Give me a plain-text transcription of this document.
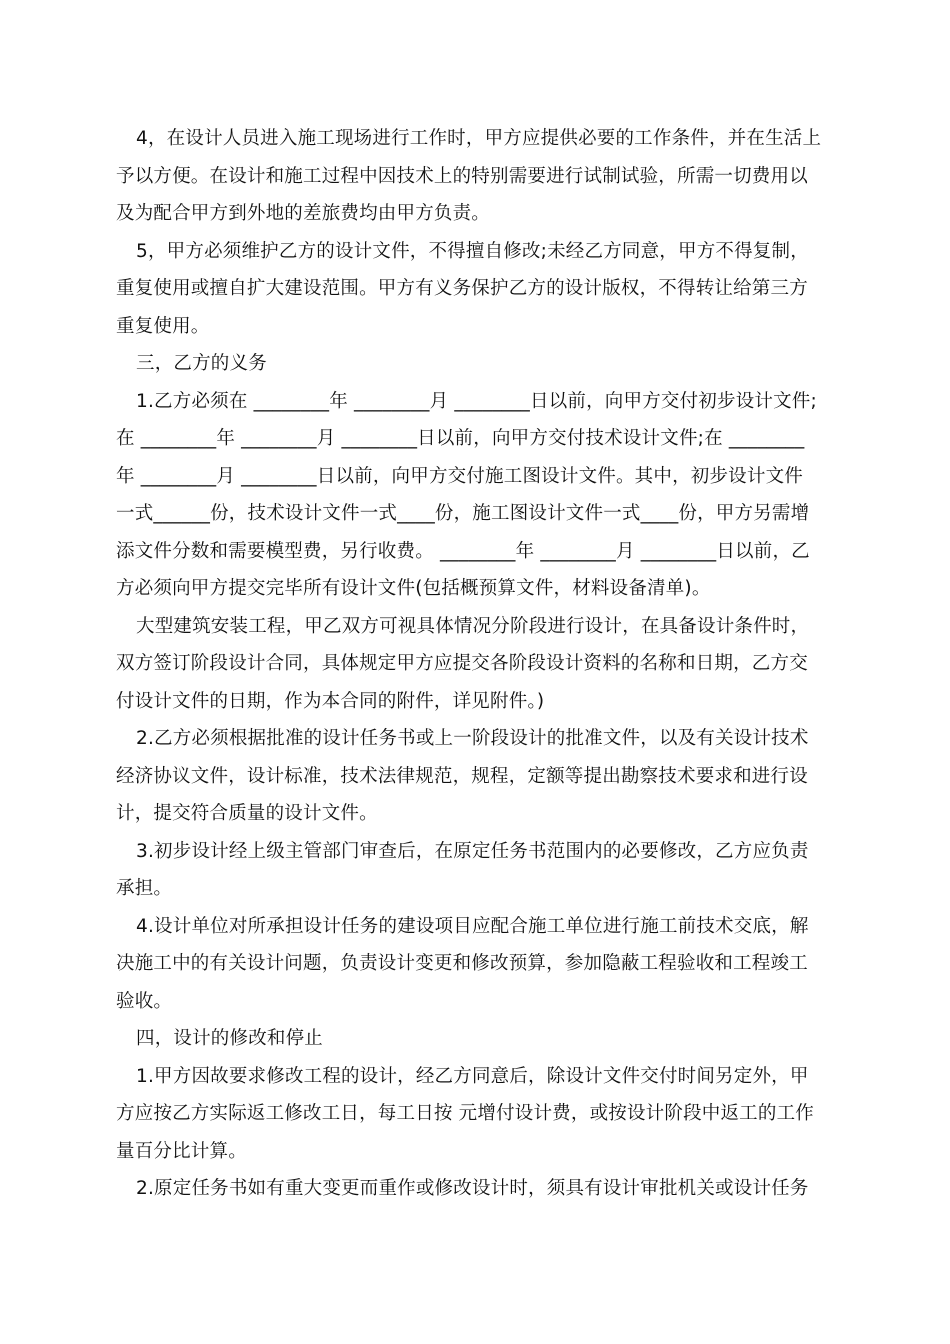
4，在设计人员进入施工现场进行工作时，甲方应提供必要的工作条件，并在生活上
予以方便。在设计和施工过程中因技术上的特别需要进行试制试验，所需一切费用以
及为配合甲方到外地的差旅费均由甲方负责。
5，甲方必须维护乙方的设计文件，不得擅自修改;未经乙方同意，甲方不得复制，
重复使用或擅自扩大建设范围。甲方有义务保护乙方的设计版权，不得转让给第三方
重复使用。
三，乙方的义务
1.乙方必须在 ________年 ________月 ________日以前，向甲方交付初步设计文件;
在 ________年 ________月 ________日以前，向甲方交付技术设计文件;在 ________
年 ________月 ________日以前，向甲方交付施工图设计文件。其中，初步设计文件
一式______份，技术设计文件一式____份，施工图设计文件一式____份，甲方另需增
添文件分数和需要模型费，另行收费。 ________年 ________月 ________日以前，乙
方必须向甲方提交完毕所有设计文件(包括概预算文件，材料设备清单)。
大型建筑安装工程，甲乙双方可视具体情况分阶段进行设计，在具备设计条件时，
双方签订阶段设计合同，具体规定甲方应提交各阶段设计资料的名称和日期，乙方交
付设计文件的日期，作为本合同的附件，详见附件。)
2.乙方必须根据批准的设计任务书或上一阶段设计的批准文件，以及有关设计技术
经济协议文件，设计标准，技术法律规范，规程，定额等提出勘察技术要求和进行设
计，提交符合质量的设计文件。
3.初步设计经上级主管部门审查后，在原定任务书范围内的必要修改，乙方应负责
承担。
4.设计单位对所承担设计任务的建设项目应配合施工单位进行施工前技术交底，解
决施工中的有关设计问题，负责设计变更和修改预算，参加隐蔽工程验收和工程竣工
验收。
四，设计的修改和停止
1.甲方因故要求修改工程的设计，经乙方同意后，除设计文件交付时间另定外，甲
方应按乙方实际返工修改工日，每工日按 元增付设计费，或按设计阶段中返工的工作
量百分比计算。
2.原定任务书如有重大变更而重作或修改设计时，须具有设计审批机关或设计任务
